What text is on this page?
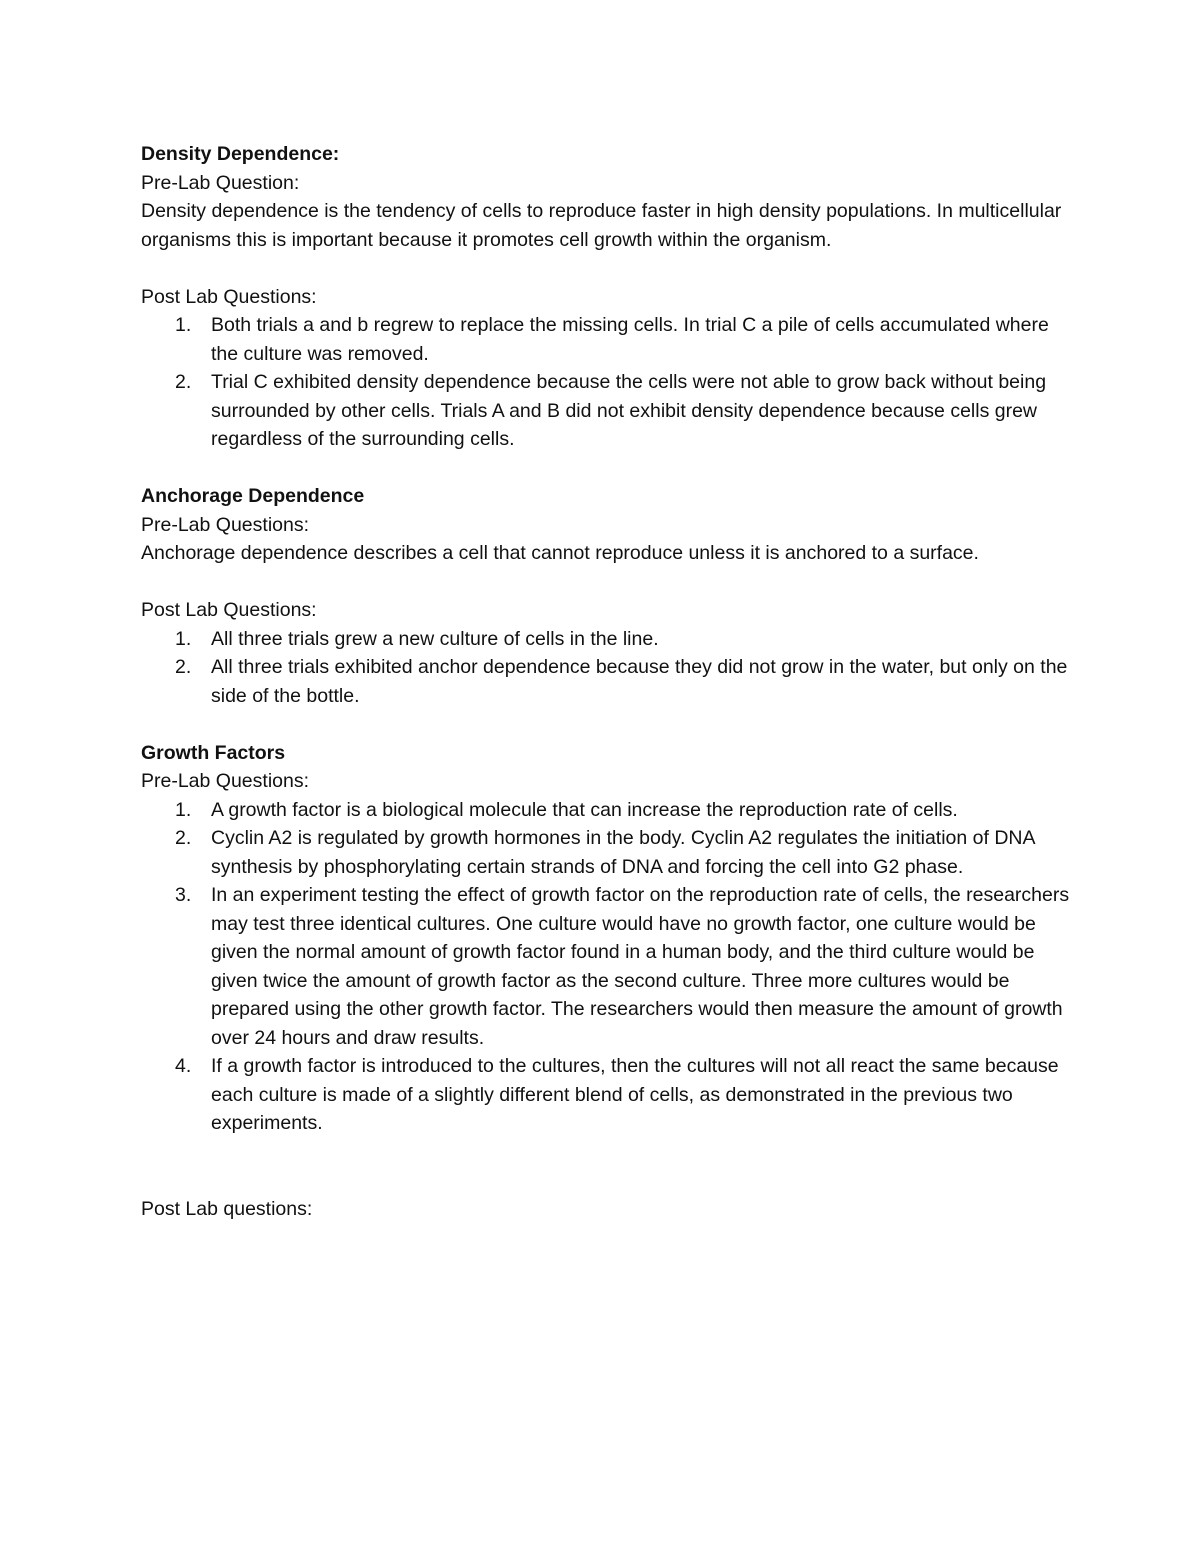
Density Dependence:

Pre-Lab Question:

Density dependence is the tendency of cells to reproduce faster in high density populations. In multicellular organisms this is important because it promotes cell growth within the organism.

Post Lab Questions:

1. Both trials a and b regrew to replace the missing cells. In trial C a pile of cells accumulated where the culture was removed.
2. Trial C exhibited density dependence because the cells were not able to grow back without being surrounded by other cells. Trials A and B did not exhibit density dependence because cells grew regardless of the surrounding cells.

Anchorage Dependence

Pre-Lab Questions:

Anchorage dependence describes a cell that cannot reproduce unless it is anchored to a surface.

Post Lab Questions:

1. All three trials grew a new culture of cells in the line.
2. All three trials exhibited anchor dependence because they did not grow in the water, but only on the side of the bottle.

Growth Factors

Pre-Lab Questions:

1. A growth factor is a biological molecule that can increase the reproduction rate of cells.
2. Cyclin A2 is regulated by growth hormones in the body. Cyclin A2 regulates the initiation of DNA synthesis by phosphorylating certain strands of DNA and forcing the cell into G2 phase.
3. In an experiment testing the effect of growth factor on the reproduction rate of cells, the researchers may test three identical cultures. One culture would have no growth factor, one culture would be given the normal amount of growth factor found in a human body, and the third culture would be given twice the amount of growth factor as the second culture. Three more cultures would be prepared using the other growth factor. The researchers would then measure the amount of growth over 24 hours and draw results.
4. If a growth factor is introduced to the cultures, then the cultures will not all react the same because each culture is made of a slightly different blend of cells, as demonstrated in the previous two experiments.

Post Lab questions:
